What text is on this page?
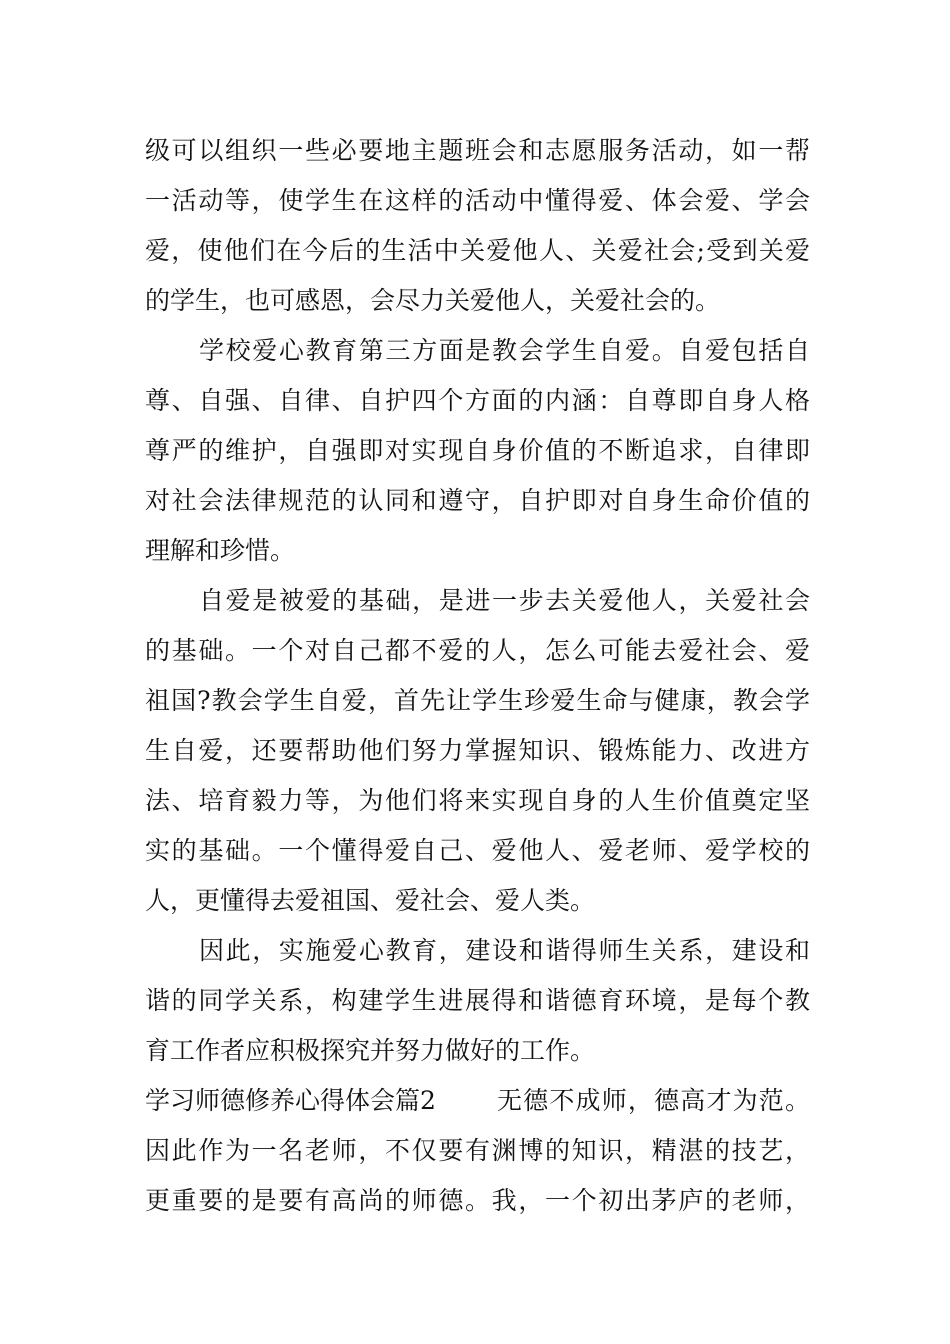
级可以组织一些必要地主题班会和志愿服务活动，如一帮
一活动等，使学生在这样的活动中懂得爱、体会爱、学会
爱，使他们在今后的生活中关爱他人、关爱社会;受到关爱
的学生，也可感恩，会尽力关爱他人，关爱社会的。
学校爱心教育第三方面是教会学生自爱。自爱包括自
尊、自强、自律、自护四个方面的内涵：自尊即自身人格
尊严的维护，自强即对实现自身价值的不断追求，自律即
对社会法律规范的认同和遵守，自护即对自身生命价值的
理解和珍惜。
自爱是被爱的基础，是进一步去关爱他人，关爱社会
的基础。一个对自己都不爱的人，怎么可能去爱社会、爱
祖国?教会学生自爱，首先让学生珍爱生命与健康，教会学
生自爱，还要帮助他们努力掌握知识、锻炼能力、改进方
法、培育毅力等，为他们将来实现自身的人生价值奠定坚
实的基础。一个懂得爱自己、爱他人、爱老师、爱学校的
人，更懂得去爱祖国、爱社会、爱人类。
因此，实施爱心教育，建设和谐得师生关系，建设和
谐的同学关系，构建学生进展得和谐德育环境，是每个教
育工作者应积极探究并努力做好的工作。
学习师德修养心得体会篇2	无德不成师，德高才为范。
因此作为一名老师，不仅要有渊博的知识，精湛的技艺，
更重要的是要有高尚的师德。我，一个初出茅庐的老师，
